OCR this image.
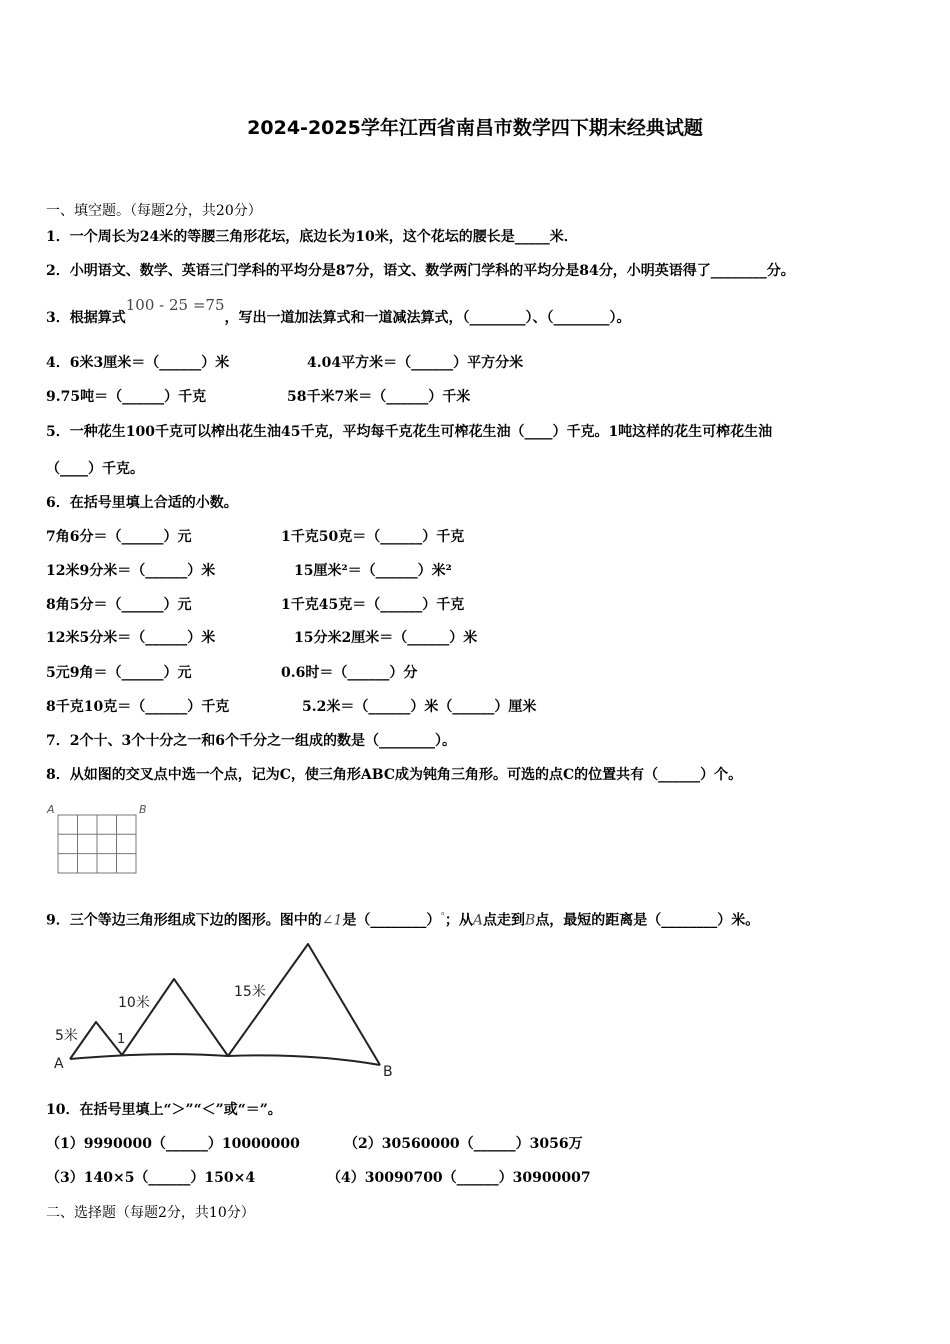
2024-2025学年江西省南昌市数学四下期末经典试题
一、填空题。（每题2分，共20分）
1．一个周长为24米的等腰三角形花坛，底边长为10米，这个花坛的腰长是_____米．
2．小明语文、数学、英语三门学科的平均分是87分，语文、数学两门学科的平均分是84分，小明英语得了________分。
3．根据算式100 - 25 =75，写出一道加法算式和一道减法算式，（________）、（________）。
4．6米3厘米＝（______）米	4.04平方米＝（______）平方分米
9.75吨＝（______）千克	58千米7米＝（______）千米
5．一种花生100千克可以榨出花生油45千克，平均每千克花生可榨花生油（____）千克。1吨这样的花生可榨花生油
（____）千克。
6．在括号里填上合适的小数。
7角6分＝（______）元	1千克50克＝（______）千克
12米9分米＝（______）米	15厘米²＝（______）米²
8角5分＝（______）元	1千克45克＝（______）千克
12米5分米＝（______）米	15分米2厘米＝（______）米
5元9角＝（______）元	0.6时＝（______）分
8千克10克＝（______）千克	5.2米＝（______）米（______）厘米
7．2个十、3个十分之一和6个千分之一组成的数是（________）。
8．从如图的交叉点中选一个点，记为C，使三角形ABC成为钝角三角形。可选的点C的位置共有（______）个。
A	B
9．三个等边三角形组成下边的图形。图中的∠1是（________）°；从A点走到B点，最短的距离是（________）米。
10米
15米
5米	1
A	B
10．在括号里填上“＞”“＜”或“＝”。
（1）9990000（______）10000000	（2）30560000（______）3056万
（3）140×5（______）150×4	（4）30090700（______）30900007
二、选择题（每题2分，共10分）
